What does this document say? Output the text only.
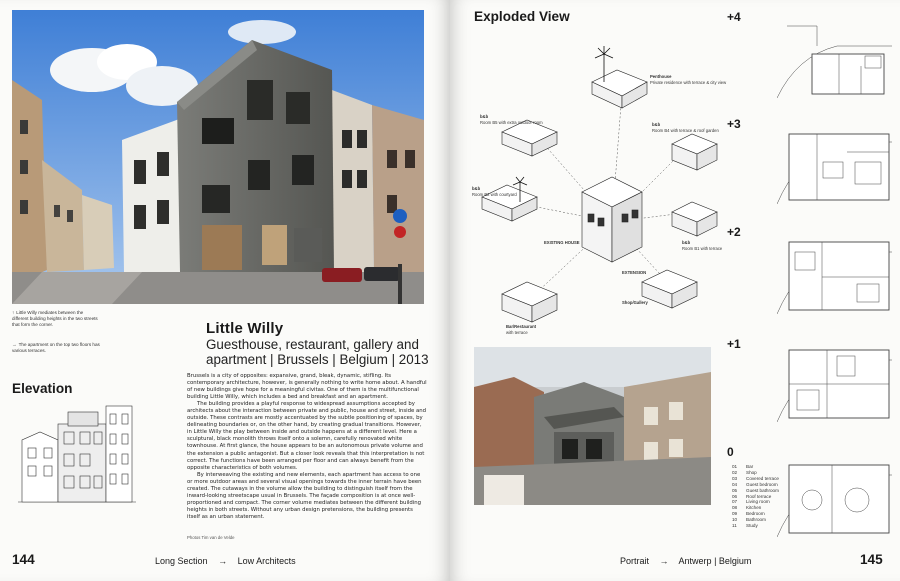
↑ Little Willy mediates between the different building heights in the two streets that form the corner.
→ The apartment on the top two floors has various terraces.
Little Willy
Guesthouse, restaurant, gallery and apartment | Brussels | Belgium | 2013

Brussels is a city of opposites: expansive, grand, bleak, dynamic, stifling. Its contemporary architecture, however, is generally nothing to write home about. A handful of new buildings give hope for a meaningful civitas. One of them is the multifunctional building Little Willy, which includes a bed and breakfast and an apartment.

The building provides a playful response to widespread assumptions accepted by architects about the interaction between private and public, house and street, inside and outside. These contrasts are mostly accentuated by the subtle positioning of spaces, by delineating boundaries or, on the other hand, by creating gradual transitions. However, in Little Willy the play between inside and outside happens at a different level. Here a sculptural, black monolith throws itself onto a solemn, carefully renovated white townhouse. At first glance, the house appears to be an autonomous private volume and the extension a public antagonist. But a closer look reveals that this interpretation is not correct. The functions have been arranged per floor and can always benefit from the opposite characteristics of both volumes.

By interweaving the existing and new elements, each apartment has access to one or more outdoor areas and several visual openings towards the inner terrain have been created. The cutaways in the volume allow the building to distinguish itself from the inward-looking streetscape usual in Brussels. The façade composition is at once well-proportioned and compact. The corner volume mediates between the different building heights in both streets. Without any urban design pretensions, the building presents itself as an urban statement.

Photos Tim van de Velde
Elevation
144	Long Section → Low Architects
Exploded View
Penthouse
Private residence with terrace & city view
b&b
Room B5 with extra outdoor room	b&b
Room B4 with terrace & roof garden
b&b
Room B2 with courtyard
EXISTING HOUSE
EXTENSION
b&b
Room B1 with terrace
Shop/Gallery
Bar/Restaurant
with terrace
+4
+3
+2
+1
0
01 Bar
02 Shop
03 Covered terrace
04 Guest bedroom
05 Guest bathroom
06 Roof terrace
07 Living room
08 Kitchen
09 Bedroom
10 Bathroom
11 Study
Portrait → Antwerp | Belgium	145
